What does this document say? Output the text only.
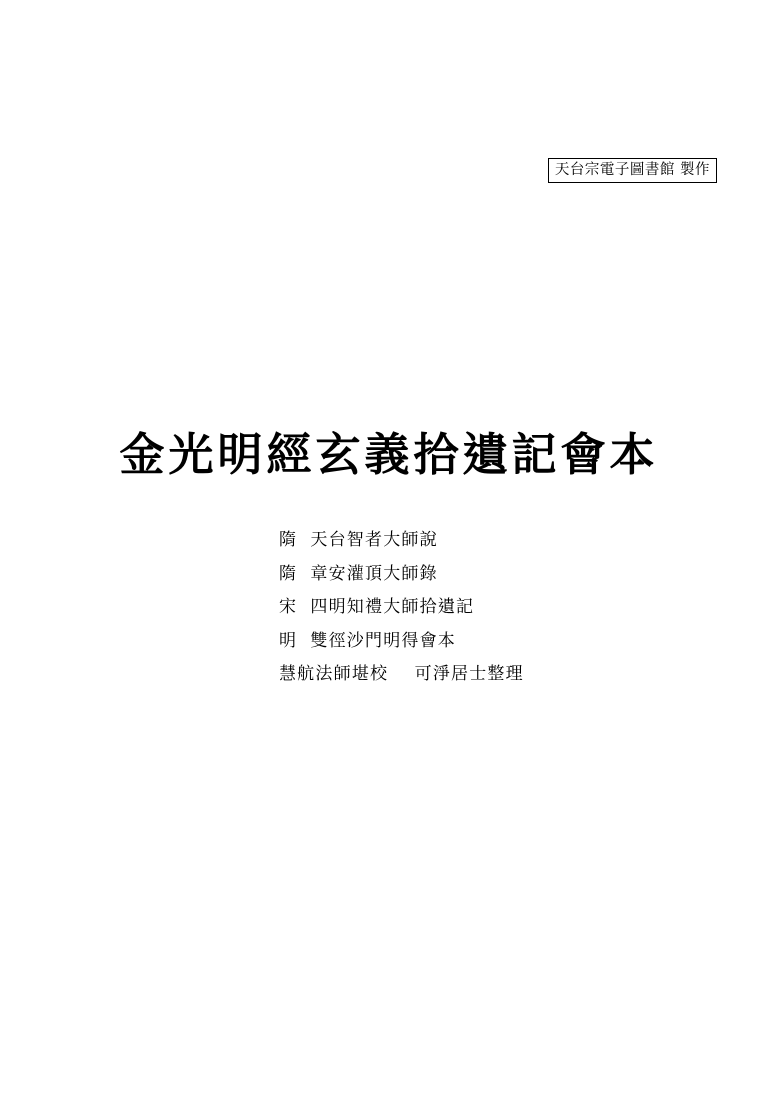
天台宗電子圖書館 製作
金光明經玄義拾遺記會本
隋  天台智者大師說
隋  章安灌頂大師錄
宋  四明知禮大師拾遺記
明  雙徑沙門明得會本
慧航法師堪校    可淨居士整理
